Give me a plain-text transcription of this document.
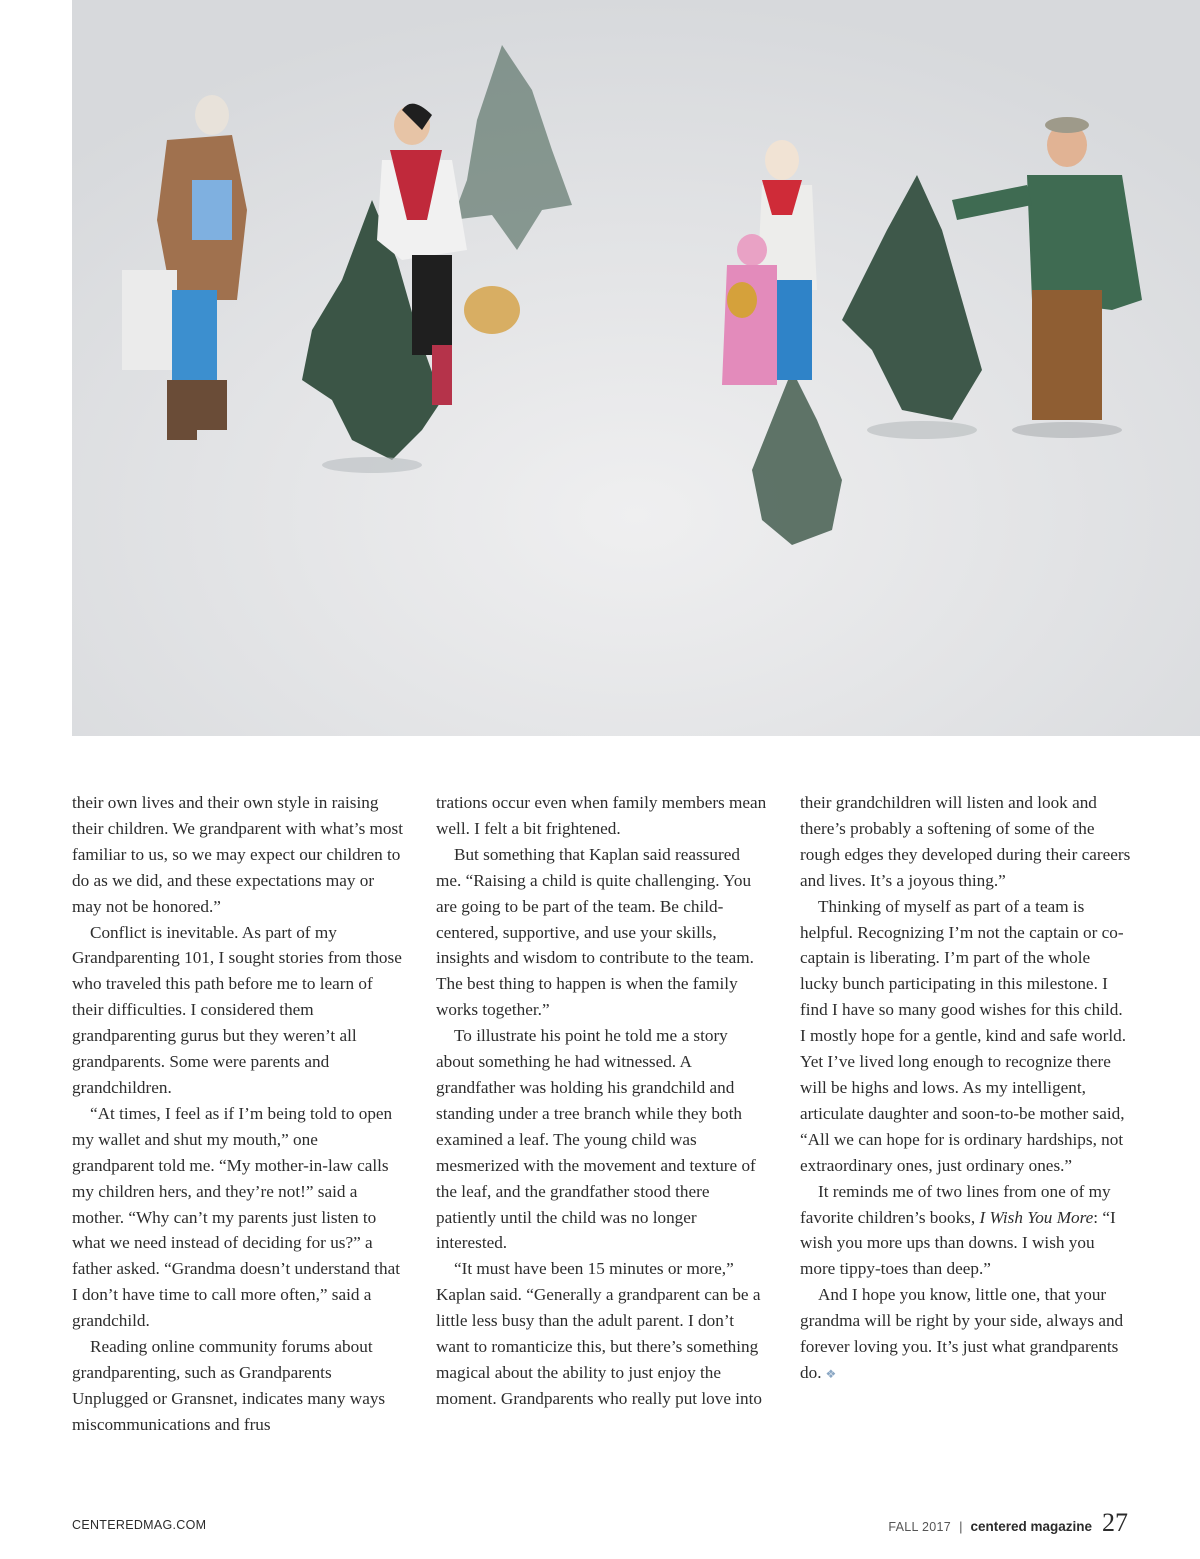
their own lives and their own style in raising their children. We grandparent with what’s most familiar to us, so we may expect our children to do as we did, and these expectations may or may not be honored.”

Conflict is inevitable. As part of my Grandparenting 101, I sought stories from those who traveled this path before me to learn of their difficulties. I considered them grandparenting gurus but they weren’t all grandparents. Some were parents and grandchildren.

“At times, I feel as if I’m being told to open my wallet and shut my mouth,” one grandparent told me. “My mother-in-law calls my children hers, and they’re not!” said a mother. “Why can’t my parents just listen to what we need instead of deciding for us?” a father asked. “Grandma doesn’t understand that I don’t have time to call more often,” said a grandchild.

Reading online community forums about grandparenting, such as Grandparents Unplugged or Gransnet, indicates many ways miscommunications and frus

trations occur even when family members mean well. I felt a bit frightened.

But something that Kaplan said reassured me. “Raising a child is quite challenging. You are going to be part of the team. Be child-centered, supportive, and use your skills, insights and wisdom to contribute to the team. The best thing to happen is when the family works together.”

To illustrate his point he told me a story about something he had witnessed. A grandfather was holding his grandchild and standing under a tree branch while they both examined a leaf. The young child was mesmerized with the movement and texture of the leaf, and the grandfather stood there patiently until the child was no longer interested.

“It must have been 15 minutes or more,” Kaplan said. “Generally a grandparent can be a little less busy than the adult parent. I don’t want to romanticize this, but there’s something magical about the ability to just enjoy the moment. Grandparents who really put love into

their grandchildren will listen and look and there’s probably a softening of some of the rough edges they developed during their careers and lives. It’s a joyous thing.”

Thinking of myself as part of a team is helpful. Recognizing I’m not the captain or co-captain is liberating. I’m part of the whole lucky bunch participating in this milestone. I find I have so many good wishes for this child. I mostly hope for a gentle, kind and safe world. Yet I’ve lived long enough to recognize there will be highs and lows. As my intelligent, articulate daughter and soon-to-be mother said, “All we can hope for is ordinary hardships, not extraordinary ones, just ordinary ones.”

It reminds me of two lines from one of my favorite children’s books, I Wish You More: “I wish you more ups than downs. I wish you more tippy-toes than deep.”

And I hope you know, little one, that your grandma will be right by your side, always and forever loving you. It’s just what grandparents do. ❖

CENTEREDMAG.COM	FALL 2017 | centered magazine 27
